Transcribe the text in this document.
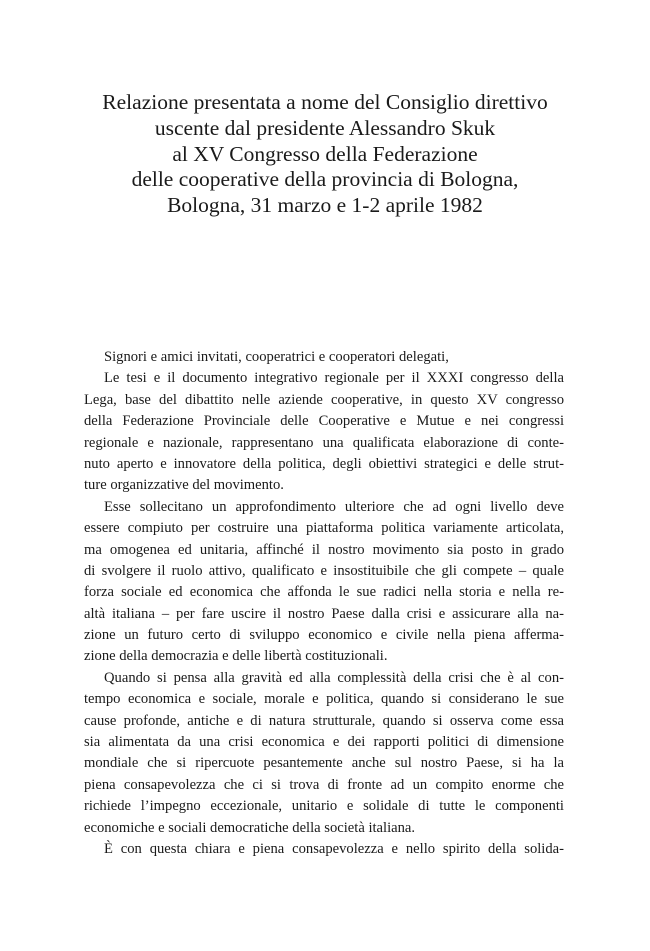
Relazione presentata a nome del Consiglio direttivo
uscente dal presidente Alessandro Skuk
al XV Congresso della Federazione
delle cooperative della provincia di Bologna,
Bologna, 31 marzo e 1-2 aprile 1982
Signori e amici invitati, cooperatrici e cooperatori delegati,
Le tesi e il documento integrativo regionale per il XXXI congresso della
Lega, base del dibattito nelle aziende cooperative, in questo XV congresso
della Federazione Provinciale delle Cooperative e Mutue e nei congressi
regionale e nazionale, rappresentano una qualificata elaborazione di conte-
nuto aperto e innovatore della politica, degli obiettivi strategici e delle strut-
ture organizzative del movimento.
Esse sollecitano un approfondimento ulteriore che ad ogni livello deve
essere compiuto per costruire una piattaforma politica variamente articolata,
ma omogenea ed unitaria, affinché il nostro movimento sia posto in grado
di svolgere il ruolo attivo, qualificato e insostituibile che gli compete – quale
forza sociale ed economica che affonda le sue radici nella storia e nella re-
altà italiana – per fare uscire il nostro Paese dalla crisi e assicurare alla na-
zione un futuro certo di sviluppo economico e civile nella piena afferma-
zione della democrazia e delle libertà costituzionali.
Quando si pensa alla gravità ed alla complessità della crisi che è al con-
tempo economica e sociale, morale e politica, quando si considerano le sue
cause profonde, antiche e di natura strutturale, quando si osserva come essa
sia alimentata da una crisi economica e dei rapporti politici di dimensione
mondiale che si ripercuote pesantemente anche sul nostro Paese, si ha la
piena consapevolezza che ci si trova di fronte ad un compito enorme che
richiede l’impegno eccezionale, unitario e solidale di tutte le componenti
economiche e sociali democratiche della società italiana.
È con questa chiara e piena consapevolezza e nello spirito della solida-
